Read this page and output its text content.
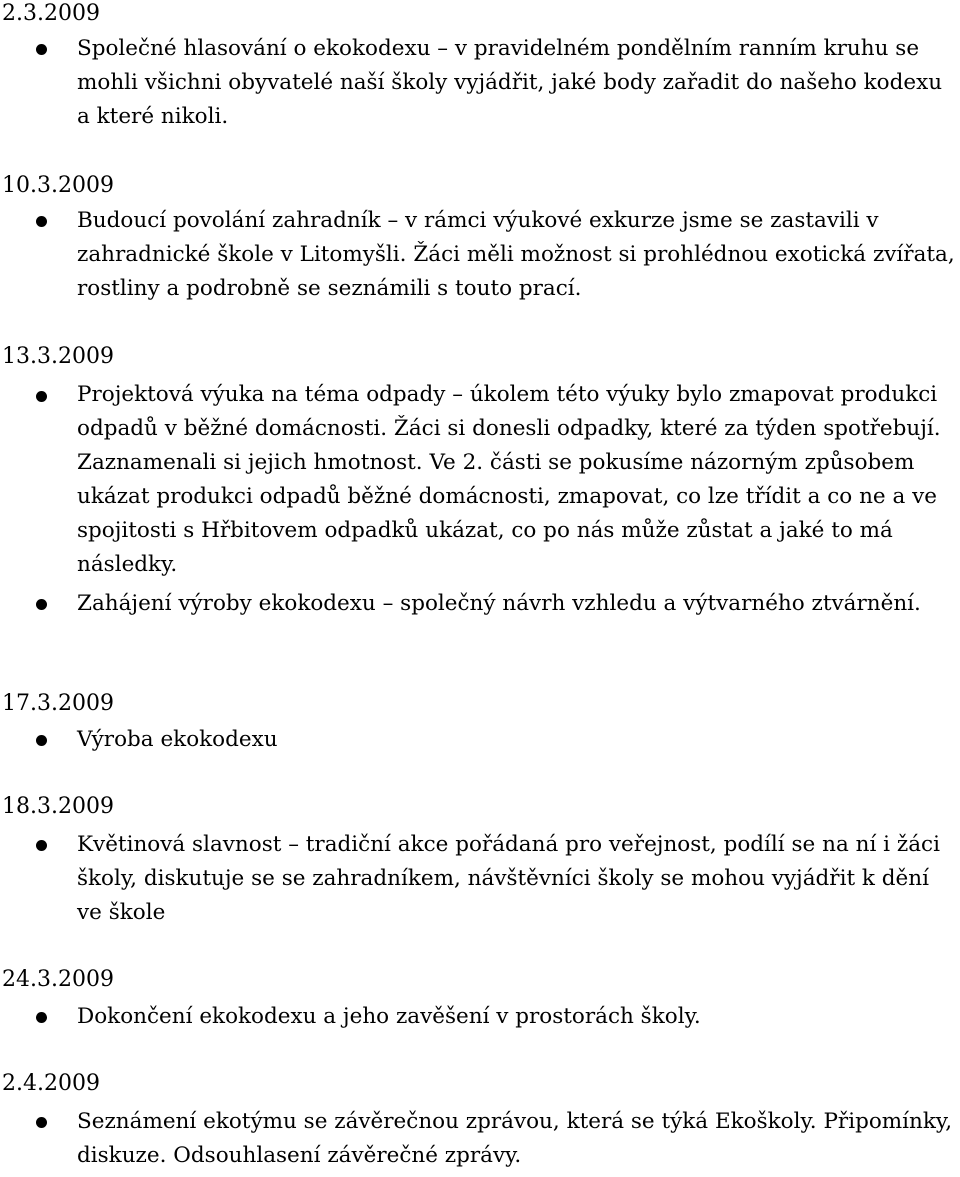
2.3.2009

Společné hlasování o ekokodexu – v pravidelném pondělním ranním kruhu se mohli všichni obyvatelé naší školy vyjádřit, jaké body zařadit do našeho kodexu a které nikoli.

10.3.2009

Budoucí povolání zahradník – v rámci výukové exkurze jsme se zastavili v zahradnické škole v Litomyšli. Žáci měli možnost si prohlédnou exotická zvířata, rostliny a podrobně se seznámili s touto prací.

13.3.2009

Projektová výuka na téma odpady – úkolem této výuky bylo zmapovat produkci odpadů v běžné domácnosti. Žáci si donesli odpadky, které za týden spotřebují. Zaznamenali si jejich hmotnost. Ve 2. části se pokusíme názorným způsobem ukázat produkci odpadů běžné domácnosti, zmapovat, co lze třídit a co ne a ve spojitosti s Hřbitovem odpadků ukázat, co po nás může zůstat a jaké to má následky.

Zahájení výroby ekokodexu – společný návrh vzhledu a výtvarného ztvárnění.

17.3.2009

Výroba ekokodexu

18.3.2009

Květinová slavnost – tradiční akce pořádaná pro veřejnost, podílí se na ní i žáci školy, diskutuje se se zahradníkem, návštěvníci školy se mohou vyjádřit k dění ve škole

24.3.2009

Dokončení ekokodexu a jeho zavěšení v prostorách školy.

2.4.2009

Seznámení ekotýmu se závěrečnou zprávou, která se týká Ekoškoly. Připomínky, diskuze. Odsouhlasení závěrečné zprávy.
